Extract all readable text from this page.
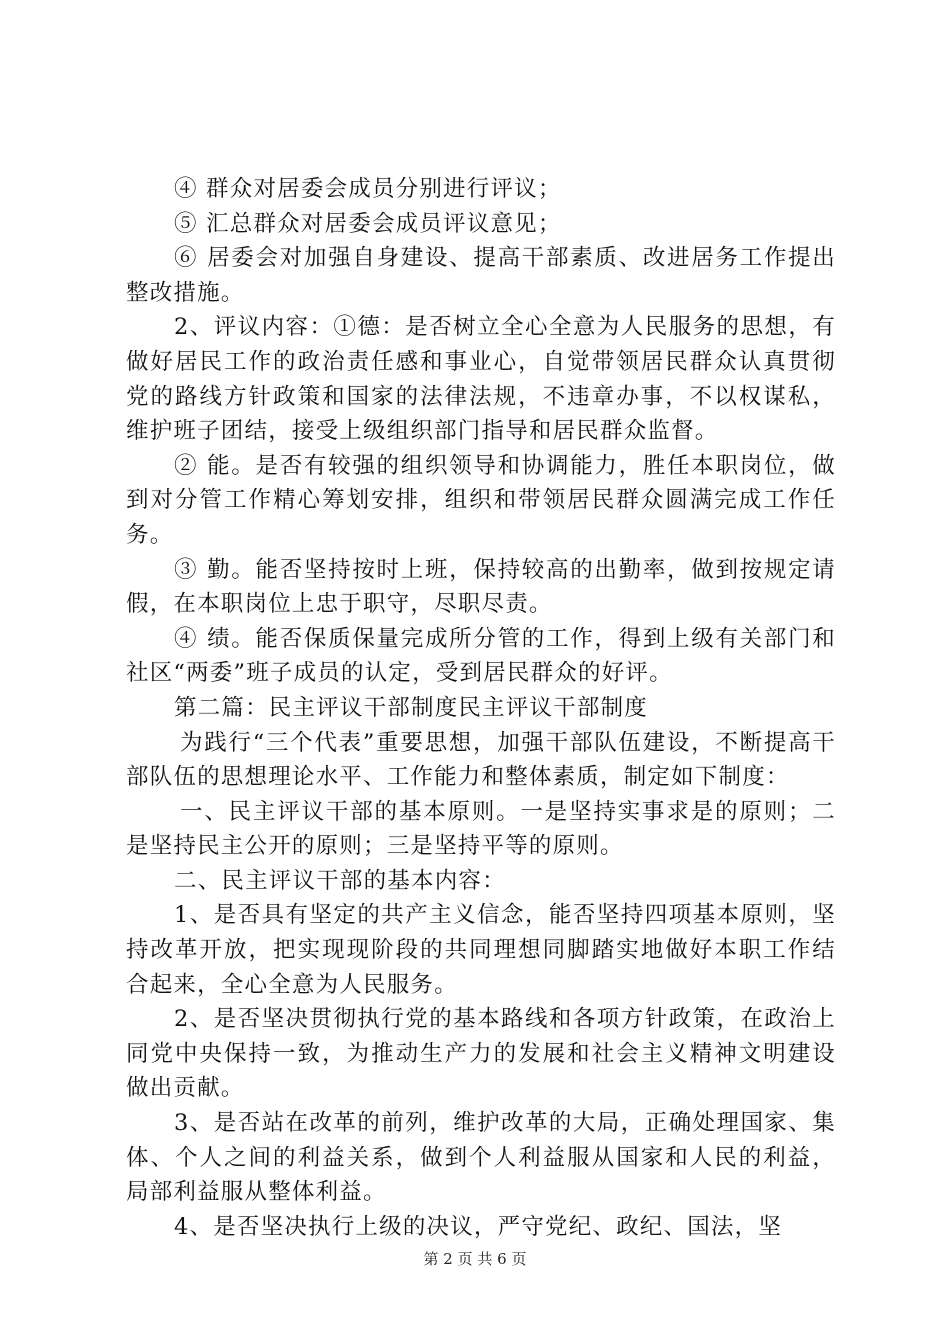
④ 群众对居委会成员分别进行评议；

⑤ 汇总群众对居委会成员评议意见；

⑥ 居委会对加强自身建设、提高干部素质、改进居务工作提出整改措施。

2、评议内容：①德：是否树立全心全意为人民服务的思想，有做好居民工作的政治责任感和事业心，自觉带领居民群众认真贯彻党的路线方针政策和国家的法律法规，不违章办事，不以权谋私，维护班子团结，接受上级组织部门指导和居民群众监督。

② 能。是否有较强的组织领导和协调能力，胜任本职岗位，做到对分管工作精心筹划安排，组织和带领居民群众圆满完成工作任务。

③ 勤。能否坚持按时上班，保持较高的出勤率，做到按规定请假，在本职岗位上忠于职守，尽职尽责。

④ 绩。能否保质保量完成所分管的工作，得到上级有关部门和社区“两委”班子成员的认定，受到居民群众的好评。

第二篇：民主评议干部制度民主评议干部制度

为践行“三个代表”重要思想，加强干部队伍建设，不断提高干部队伍的思想理论水平、工作能力和整体素质，制定如下制度：

一、民主评议干部的基本原则。一是坚持实事求是的原则；二是坚持民主公开的原则；三是坚持平等的原则。

二、民主评议干部的基本内容：

1、是否具有坚定的共产主义信念，能否坚持四项基本原则，坚持改革开放，把实现现阶段的共同理想同脚踏实地做好本职工作结合起来，全心全意为人民服务。

2、是否坚决贯彻执行党的基本路线和各项方针政策，在政治上同党中央保持一致，为推动生产力的发展和社会主义精神文明建设做出贡献。

3、是否站在改革的前列，维护改革的大局，正确处理国家、集体、个人之间的利益关系，做到个人利益服从国家和人民的利益，局部利益服从整体利益。

4、是否坚决执行上级的决议，严守党纪、政纪、国法，坚

第 2 页 共 6 页
